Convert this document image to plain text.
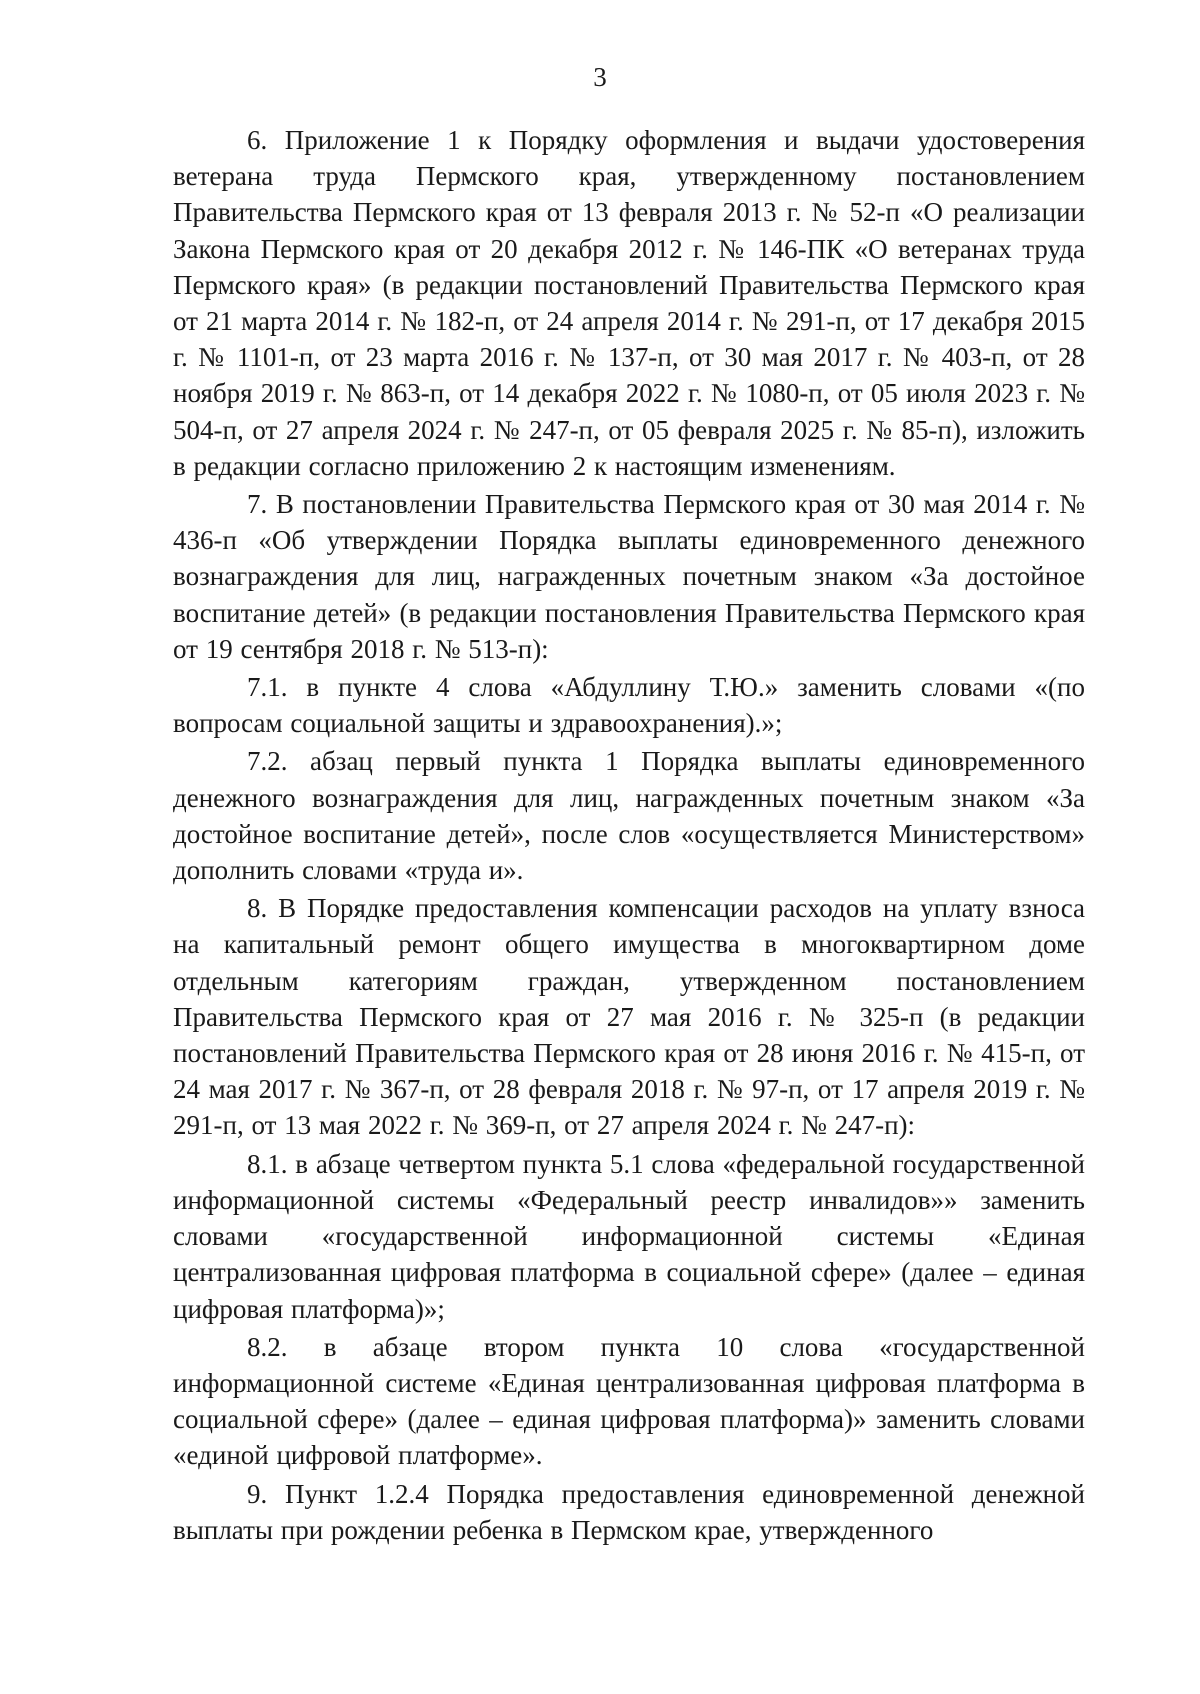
3

6. Приложение 1 к Порядку оформления и выдачи удостоверения ветерана труда Пермского края, утвержденному постановлением Правительства Пермского края от 13 февраля 2013 г. № 52-п «О реализации Закона Пермского края от 20 декабря 2012 г. № 146-ПК «О ветеранах труда Пермского края» (в редакции постановлений Правительства Пермского края от 21 марта 2014 г. № 182-п, от 24 апреля 2014 г. № 291-п, от 17 декабря 2015 г. № 1101-п, от 23 марта 2016 г. № 137-п, от 30 мая 2017 г. № 403-п, от 28 ноября 2019 г. № 863-п, от 14 декабря 2022 г. № 1080-п, от 05 июля 2023 г. № 504-п, от 27 апреля 2024 г. № 247-п, от 05 февраля 2025 г. № 85-п), изложить в редакции согласно приложению 2 к настоящим изменениям.

7. В постановлении Правительства Пермского края от 30 мая 2014 г. № 436-п «Об утверждении Порядка выплаты единовременного денежного вознаграждения для лиц, награжденных почетным знаком «За достойное воспитание детей» (в редакции постановления Правительства Пермского края от 19 сентября 2018 г. № 513-п):

7.1. в пункте 4 слова «Абдуллину Т.Ю.» заменить словами «(по вопросам социальной защиты и здравоохранения).»;

7.2. абзац первый пункта 1 Порядка выплаты единовременного денежного вознаграждения для лиц, награжденных почетным знаком «За достойное воспитание детей», после слов «осуществляется Министерством» дополнить словами «труда и».

8. В Порядке предоставления компенсации расходов на уплату взноса на капитальный ремонт общего имущества в многоквартирном доме отдельным категориям граждан, утвержденном постановлением Правительства Пермского края от 27 мая 2016 г. № 325-п (в редакции постановлений Правительства Пермского края от 28 июня 2016 г. № 415-п, от 24 мая 2017 г. № 367-п, от 28 февраля 2018 г. № 97-п, от 17 апреля 2019 г. № 291-п, от 13 мая 2022 г. № 369-п, от 27 апреля 2024 г. № 247-п):

8.1. в абзаце четвертом пункта 5.1 слова «федеральной государственной информационной системы «Федеральный реестр инвалидов»» заменить словами «государственной информационной системы «Единая централизованная цифровая платформа в социальной сфере» (далее – единая цифровая платформа)»;

8.2. в абзаце втором пункта 10 слова «государственной информационной системе «Единая централизованная цифровая платформа в социальной сфере» (далее – единая цифровая платформа)» заменить словами «единой цифровой платформе».

9. Пункт 1.2.4 Порядка предоставления единовременной денежной выплаты при рождении ребенка в Пермском крае, утвержденного
